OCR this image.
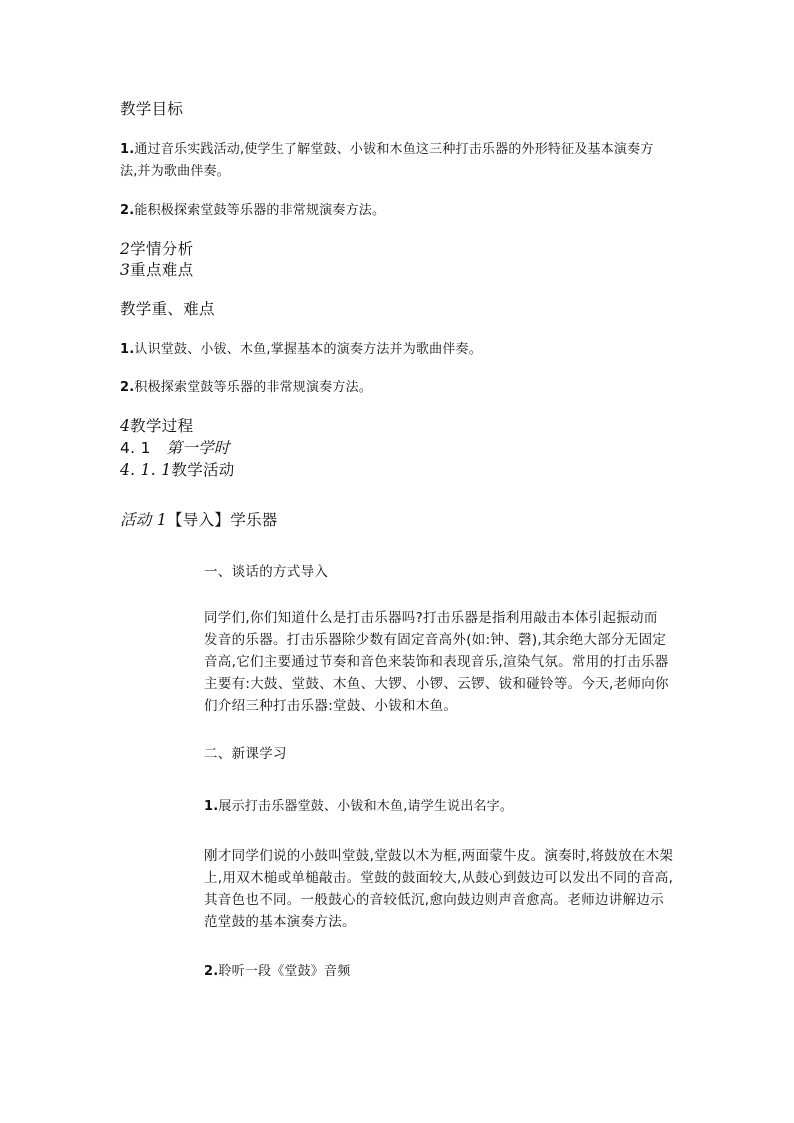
教学目标

1.通过音乐实践活动,使学生了解堂鼓、小钹和木鱼这三种打击乐器的外形特征及基本演奏方

法,并为歌曲伴奏。

2.能积极探索堂鼓等乐器的非常规演奏方法。

2学情分析

3重点难点

教学重、难点

1.认识堂鼓、小钹、木鱼,掌握基本的演奏方法并为歌曲伴奏。

2.积极探索堂鼓等乐器的非常规演奏方法。

4教学过程

4. 1 第一学时

4. 1. 1教学活动

活动 1【导入】学乐器

一、谈话的方式导入

同学们,你们知道什么是打击乐器吗?打击乐器是指利用敲击本体引起振动而
发音的乐器。打击乐器除少数有固定音高外(如:钟、磬),其余绝大部分无固定
音高,它们主要通过节奏和音色来装饰和表现音乐,渲染气氛。常用的打击乐器
主要有:大鼓、堂鼓、木鱼、大锣、小锣、云锣、钹和碰铃等。今天,老师向你
们介绍三种打击乐器:堂鼓、小钹和木鱼。

二、新课学习

1.展示打击乐器堂鼓、小钹和木鱼,请学生说出名字。

刚才同学们说的小鼓叫堂鼓,堂鼓以木为框,两面蒙牛皮。演奏时,将鼓放在木架
上,用双木槌或单槌敲击。堂鼓的鼓面较大,从鼓心到鼓边可以发出不同的音高,
其音色也不同。一般鼓心的音较低沉,愈向鼓边则声音愈高。老师边讲解边示
范堂鼓的基本演奏方法。

2.聆听一段《堂鼓》音频
